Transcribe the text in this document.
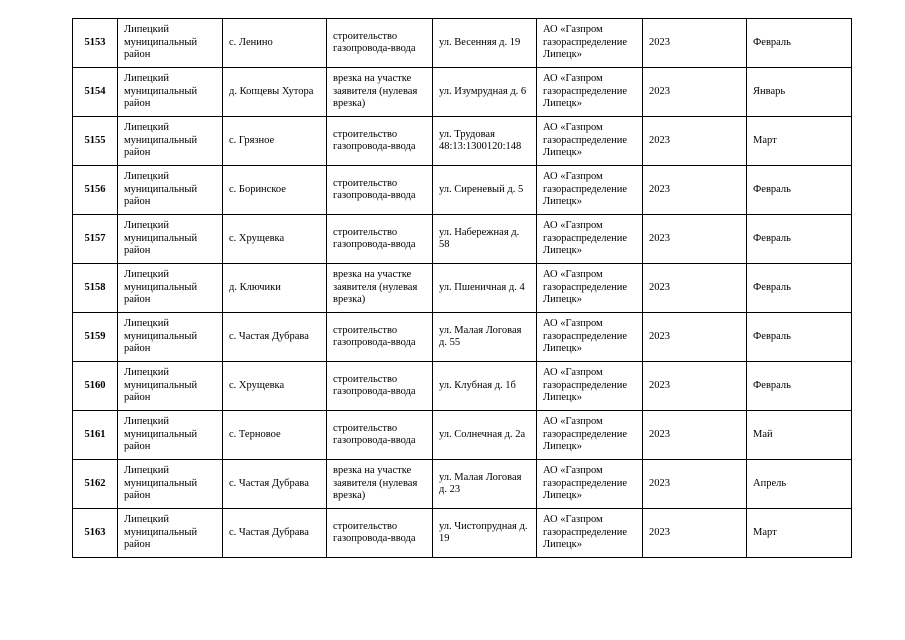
5153	Липецкий муниципальный район	с. Ленино	строительство газопровода-ввода	ул. Весенняя д. 19	АО «Газпром газораспределение Липецк»	2023	Февраль
5154	Липецкий муниципальный район	д. Копцевы Хутора	врезка на участке заявителя (нулевая врезка)	ул. Изумрудная д. 6	АО «Газпром газораспределение Липецк»	2023	Январь
5155	Липецкий муниципальный район	с. Грязное	строительство газопровода-ввода	ул. Трудовая 48:13:1300120:148	АО «Газпром газораспределение Липецк»	2023	Март
5156	Липецкий муниципальный район	с. Боринское	строительство газопровода-ввода	ул. Сиреневый д. 5	АО «Газпром газораспределение Липецк»	2023	Февраль
5157	Липецкий муниципальный район	с. Хрущевка	строительство газопровода-ввода	ул. Набережная д. 58	АО «Газпром газораспределение Липецк»	2023	Февраль
5158	Липецкий муниципальный район	д. Ключики	врезка на участке заявителя (нулевая врезка)	ул. Пшеничная д. 4	АО «Газпром газораспределение Липецк»	2023	Февраль
5159	Липецкий муниципальный район	с. Частая Дубрава	строительство газопровода-ввода	ул. Малая Логовая д. 55	АО «Газпром газораспределение Липецк»	2023	Февраль
5160	Липецкий муниципальный район	с. Хрущевка	строительство газопровода-ввода	ул. Клубная д. 1б	АО «Газпром газораспределение Липецк»	2023	Февраль
5161	Липецкий муниципальный район	с. Терновое	строительство газопровода-ввода	ул. Солнечная д. 2а	АО «Газпром газораспределение Липецк»	2023	Май
5162	Липецкий муниципальный район	с. Частая Дубрава	врезка на участке заявителя (нулевая врезка)	ул. Малая Логовая д. 23	АО «Газпром газораспределение Липецк»	2023	Апрель
5163	Липецкий муниципальный район	с. Частая Дубрава	строительство газопровода-ввода	ул. Чистопрудная д. 19	АО «Газпром газораспределение Липецк»	2023	Март
